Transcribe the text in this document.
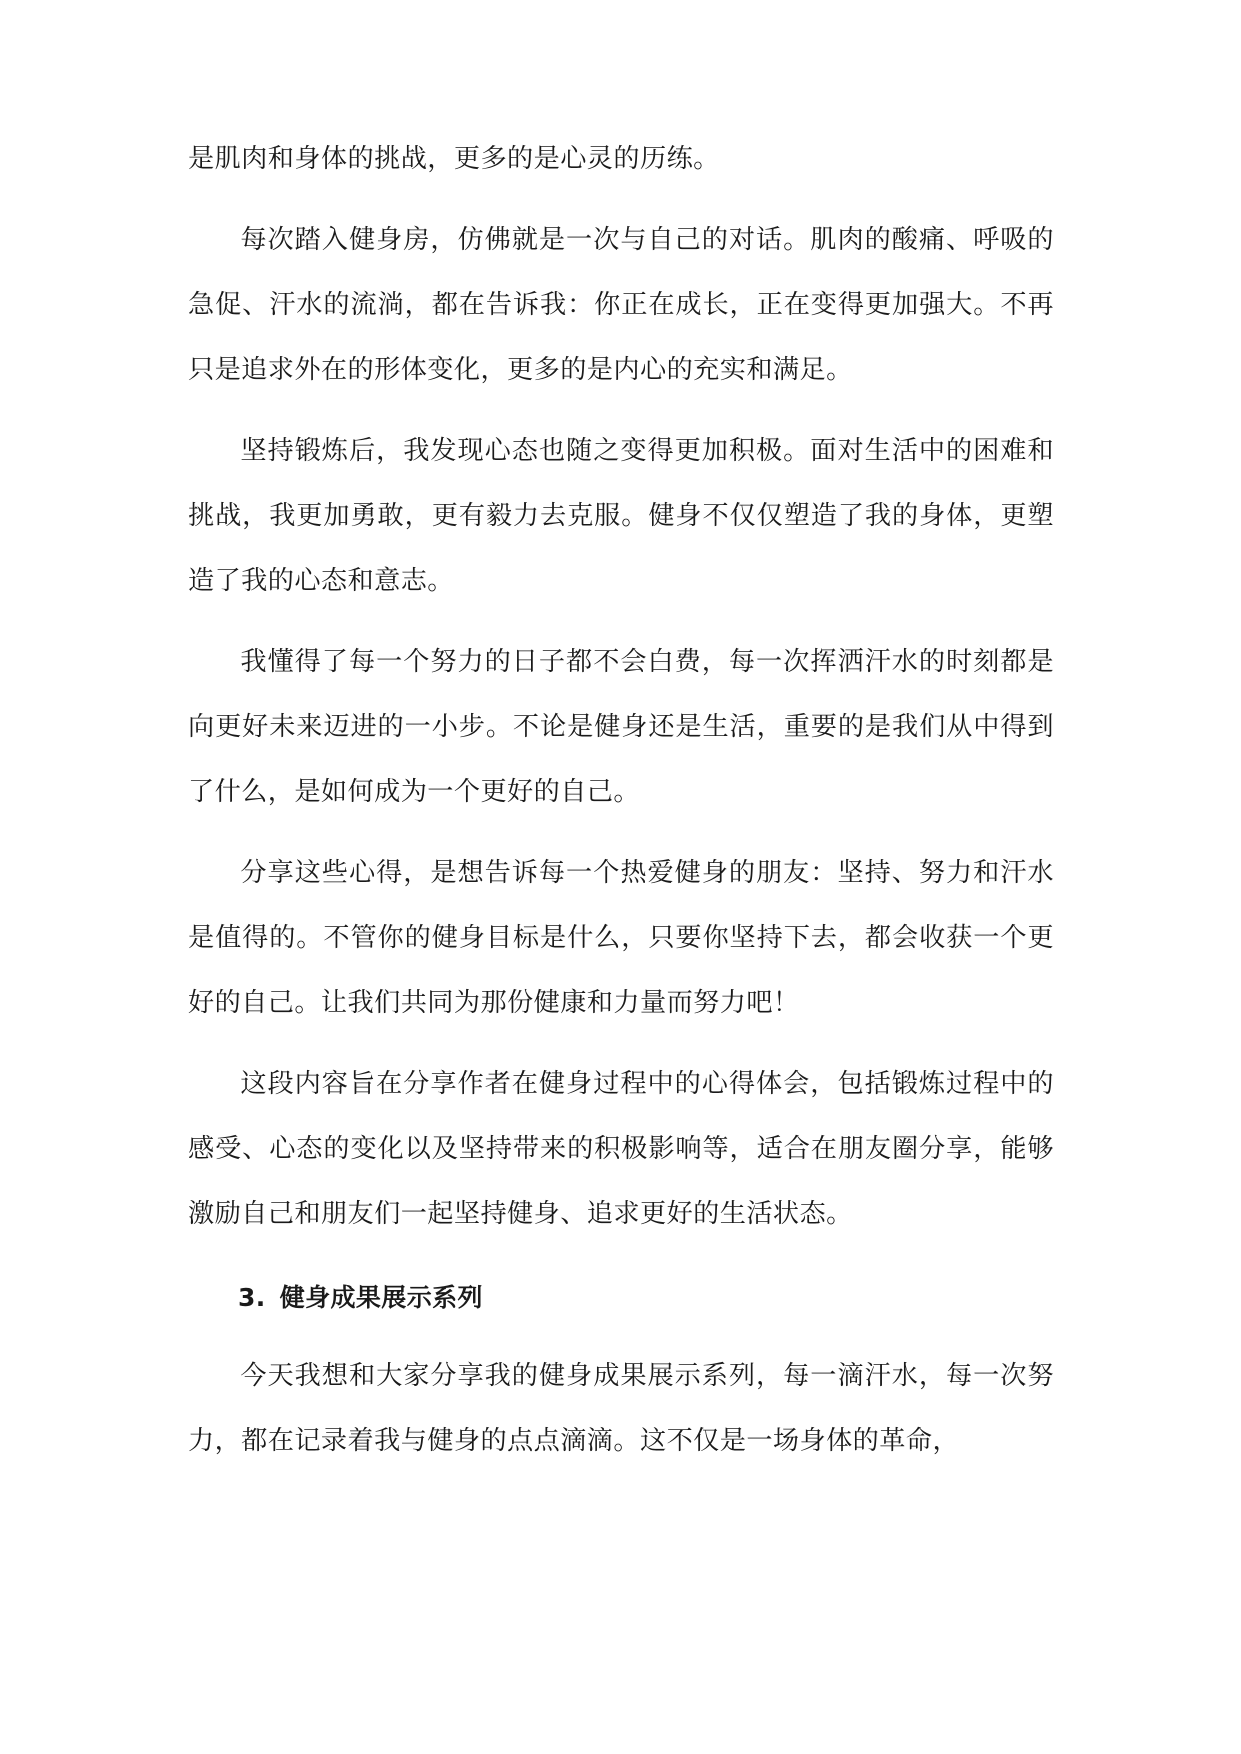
是肌肉和身体的挑战，更多的是心灵的历练。

每次踏入健身房，仿佛就是一次与自己的对话。肌肉的酸痛、呼吸的急促、汗水的流淌，都在告诉我：你正在成长，正在变得更加强大。不再只是追求外在的形体变化，更多的是内心的充实和满足。

坚持锻炼后，我发现心态也随之变得更加积极。面对生活中的困难和挑战，我更加勇敢，更有毅力去克服。健身不仅仅塑造了我的身体，更塑造了我的心态和意志。

我懂得了每一个努力的日子都不会白费，每一次挥洒汗水的时刻都是向更好未来迈进的一小步。不论是健身还是生活，重要的是我们从中得到了什么，是如何成为一个更好的自己。

分享这些心得，是想告诉每一个热爱健身的朋友：坚持、努力和汗水是值得的。不管你的健身目标是什么，只要你坚持下去，都会收获一个更好的自己。让我们共同为那份健康和力量而努力吧！

这段内容旨在分享作者在健身过程中的心得体会，包括锻炼过程中的感受、心态的变化以及坚持带来的积极影响等，适合在朋友圈分享，能够激励自己和朋友们一起坚持健身、追求更好的生活状态。

3. 健身成果展示系列

今天我想和大家分享我的健身成果展示系列，每一滴汗水，每一次努力，都在记录着我与健身的点点滴滴。这不仅是一场身体的革命，
